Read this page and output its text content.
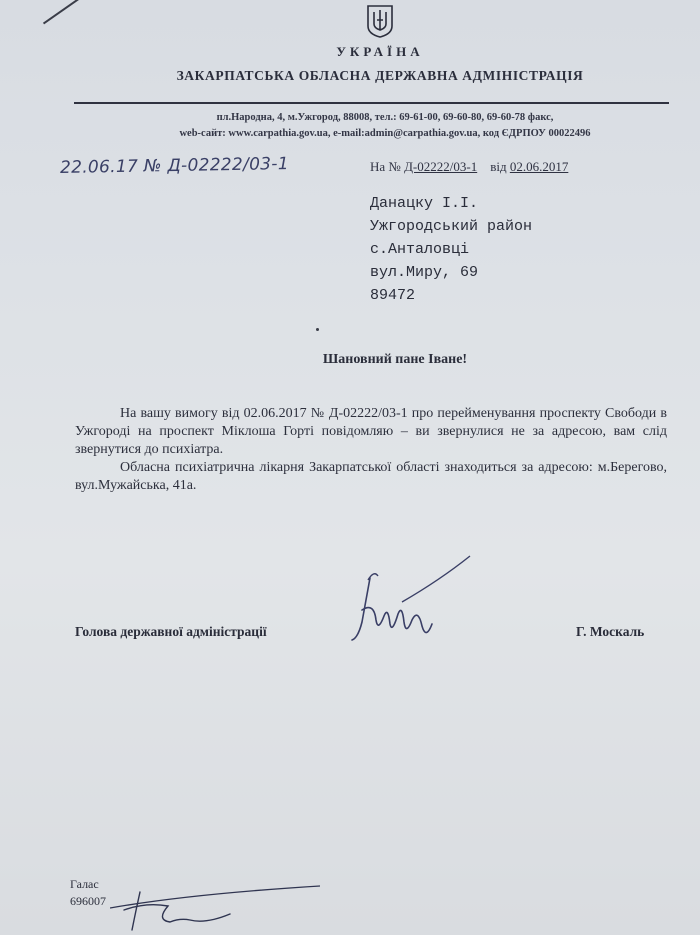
УКРАЇНА
ЗАКАРПАТСЬКА ОБЛАСНА ДЕРЖАВНА АДМІНІСТРАЦІЯ
пл.Народна, 4, м.Ужгород, 88008, тел.: 69-61-00, 69-60-80, 69-60-78 факс,
web-сайт: www.carpathia.gov.ua, e-mail:admin@carpathia.gov.ua, код ЄДРПОУ 00022496
22.06.17 № Д-02222/03-1	На № Д-02222/03-1 від 02.06.2017
Данацку І.І.
Ужгородський район
с.Анталовці
вул.Миру, 69
89472
Шановний пане Іване!

На вашу вимогу від 02.06.2017 № Д-02222/03-1 про перейменування проспекту Свободи в Ужгороді на проспект Міклоша Горті повідомляю – ви звернулися не за адресою, вам слід звернутися до психіатра.

Обласна психіатрична лікарня Закарпатської області знаходиться за адресою: м.Берегово, вул.Мужайська, 41а.

Голова державної адміністрації	Г. Москаль
Галас
696007
